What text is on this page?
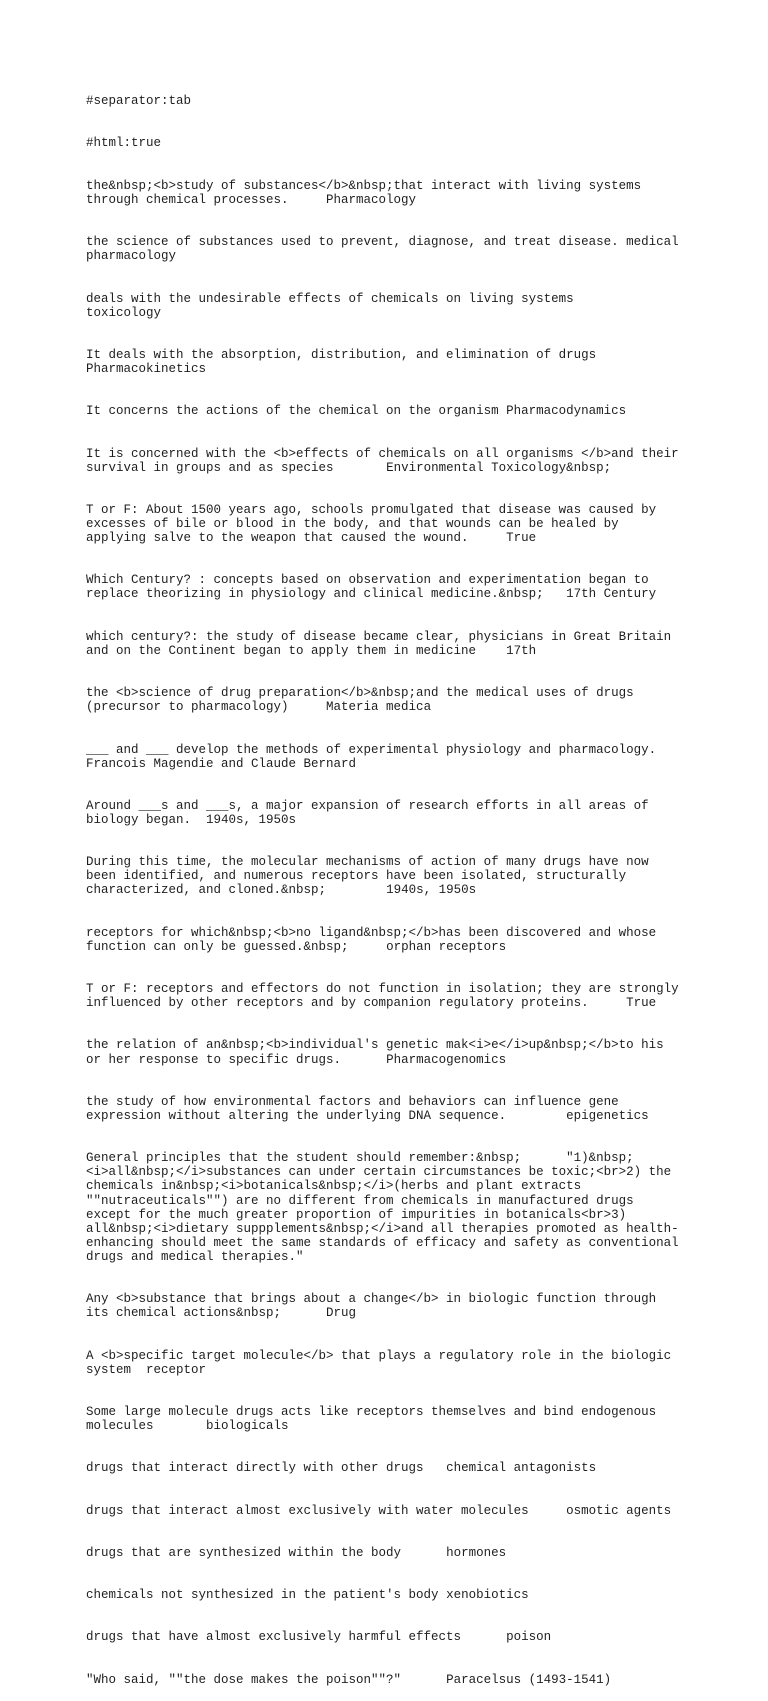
#separator:tab

#html:true

the&nbsp;<b>study of substances</b>&nbsp;that interact with living systems through chemical processes.	Pharmacology

the science of substances used to prevent, diagnose, and treat disease.	medical pharmacology

deals with the undesirable effects of chemicals on living systems	toxicology

It deals with the absorption, distribution, and elimination of drugs	Pharmacokinetics

It concerns the actions of the chemical on the organism	Pharmacodynamics

It is concerned with the <b>effects of chemicals on all organisms </b>and their survival in groups and as species	Environmental Toxicology&nbsp;

T or F: About 1500 years ago, schools promulgated that disease was caused by excesses of bile or blood in the body, and that wounds can be healed by applying salve to the weapon that caused the wound.	True

Which Century? : concepts based on observation and experimentation began to replace theorizing in physiology and clinical medicine.&nbsp;	17th Century

which century?: the study of disease became clear, physicians in Great Britain and on the Continent began to apply them in medicine	17th

the <b>science of drug preparation</b>&nbsp;and the medical uses of drugs (precursor to pharmacology)	Materia medica

___ and ___ develop the methods of experimental physiology and pharmacology.	Francois Magendie and Claude Bernard

Around ___s and ___s, a major expansion of research efforts in all areas of biology began.	1940s, 1950s

During this time, the molecular mechanisms of action of many drugs have now been identified, and numerous receptors have been isolated, structurally characterized, and cloned.&nbsp;	1940s, 1950s

receptors for which&nbsp;<b>no ligand&nbsp;</b>has been discovered and whose function can only be guessed.&nbsp;	orphan receptors

T or F: receptors and effectors do not function in isolation; they are strongly influenced by other receptors and by companion regulatory proteins.	True

the relation of an&nbsp;<b>individual's genetic mak<i>e</i>up&nbsp;</b>to his or her response to specific drugs.	Pharmacogenomics

the study of how environmental factors and behaviors can influence gene expression without altering the underlying DNA sequence.	epigenetics

General principles that the student should remember:&nbsp;	"1)&nbsp;<i>all&nbsp;</i>substances can under certain circumstances be toxic;<br>2) the chemicals in&nbsp;<i>botanicals&nbsp;</i>(herbs and plant extracts ""nutraceuticals"") are no different from chemicals in manufactured drugs except for the much greater proportion of impurities in botanicals<br>3) all&nbsp;<i>dietary suppplements&nbsp;</i>and all therapies promoted as health-enhancing should meet the same standards of efficacy and safety as conventional drugs and medical therapies."

Any <b>substance that brings about a change</b> in biologic function through its chemical actions&nbsp;	Drug

A <b>specific target molecule</b> that plays a regulatory role in the biologic system	receptor

Some large molecule drugs acts like receptors themselves and bind endogenous molecules	biologicals

drugs that interact directly with other drugs	chemical antagonists

drugs that interact almost exclusively with water molecules	osmotic agents

drugs that are synthesized within the body	hormones

chemicals not synthesized in the patient's body	xenobiotics

drugs that have almost exclusively harmful effects	poison

"Who said, ""the dose makes the poison""?"	Paracelsus (1493-1541)
